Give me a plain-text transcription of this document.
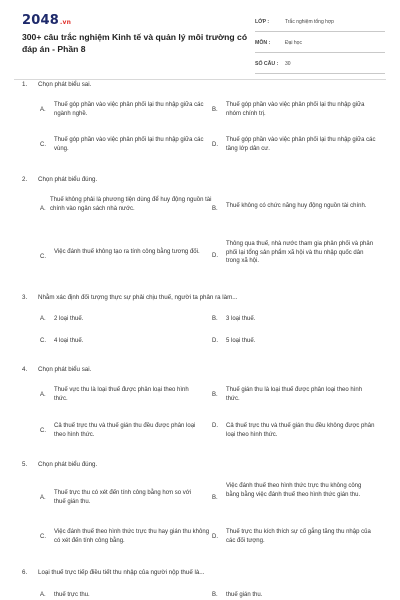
2048.vn
300+ câu trắc nghiệm Kinh tế và quản lý môi trường có đáp án - Phần 8
LỚP :	Trắc nghiệm tổng hợp
MÔN :	Đại học
SỐ CÂU : 30
1. Chọn phát biểu sai.
A.
Thuế góp phần vào việc phân phối lại thu nhập giữa các ngành nghề.
B.
Thuế góp phần vào việc phân phối lại thu nhập giữa nhóm chính trị.
C.
Thuế góp phần vào việc phân phối lại thu nhập giữa các vùng.
D.
Thuế góp phần vào việc phân phối lại thu nhập giữa các tầng lớp dân cư.
2. Chọn phát biểu đúng.
A.
Thuế không phải là phương tiện dùng để huy động nguồn tài chính vào ngân sách nhà nước.	B. Thuế không có chức năng huy động nguồn tài chính.
C.
Việc đánh thuế không tạo ra tính công bằng tương đối.
D.
Thông qua thuế, nhà nước tham gia phân phối và phân phối lại tổng sản phẩm xã hội và thu nhập quốc dân trong xã hội.
3. Nhằm xác định đối tượng thực sự phải chịu thuế, người ta phân ra làm...
A. 2 loại thuế.	B. 3 loại thuế.
C. 4 loại thuế.	D. 5 loại thuế.
4. Chọn phát biểu sai.
A.
Thuế vực thu là loại thuế được phân loại theo hình thức.
B.
Thuế gián thu là loại thuế được phân loại theo hình thức.
C.
Cả thuế trực thu và thuế gián thu đều được phân loại theo hình thức.
D. Cả thuế trực thu và thuế gián thu đều không được phân loại theo hình thức.
5. Chọn phát biểu đúng.
A.
Thuế trực thu có xét đến tính công bằng hơn so với thuế gián thu.
B.
Việc đánh thuế theo hình thức trực thu không công bằng bằng việc đánh thuế theo hình thức gián thu.
C.
Việc đánh thuế theo hình thức trực thu hay gián thu không có xét đến tính công bằng.
D.
Thuế trực thu kích thích sự cố gắng tăng thu nhập của các đối tượng.
6. Loại thuế trực tiếp điều tiết thu nhập của người nộp thuế là...
A. thuế trực thu.	B. thuế gián thu.
